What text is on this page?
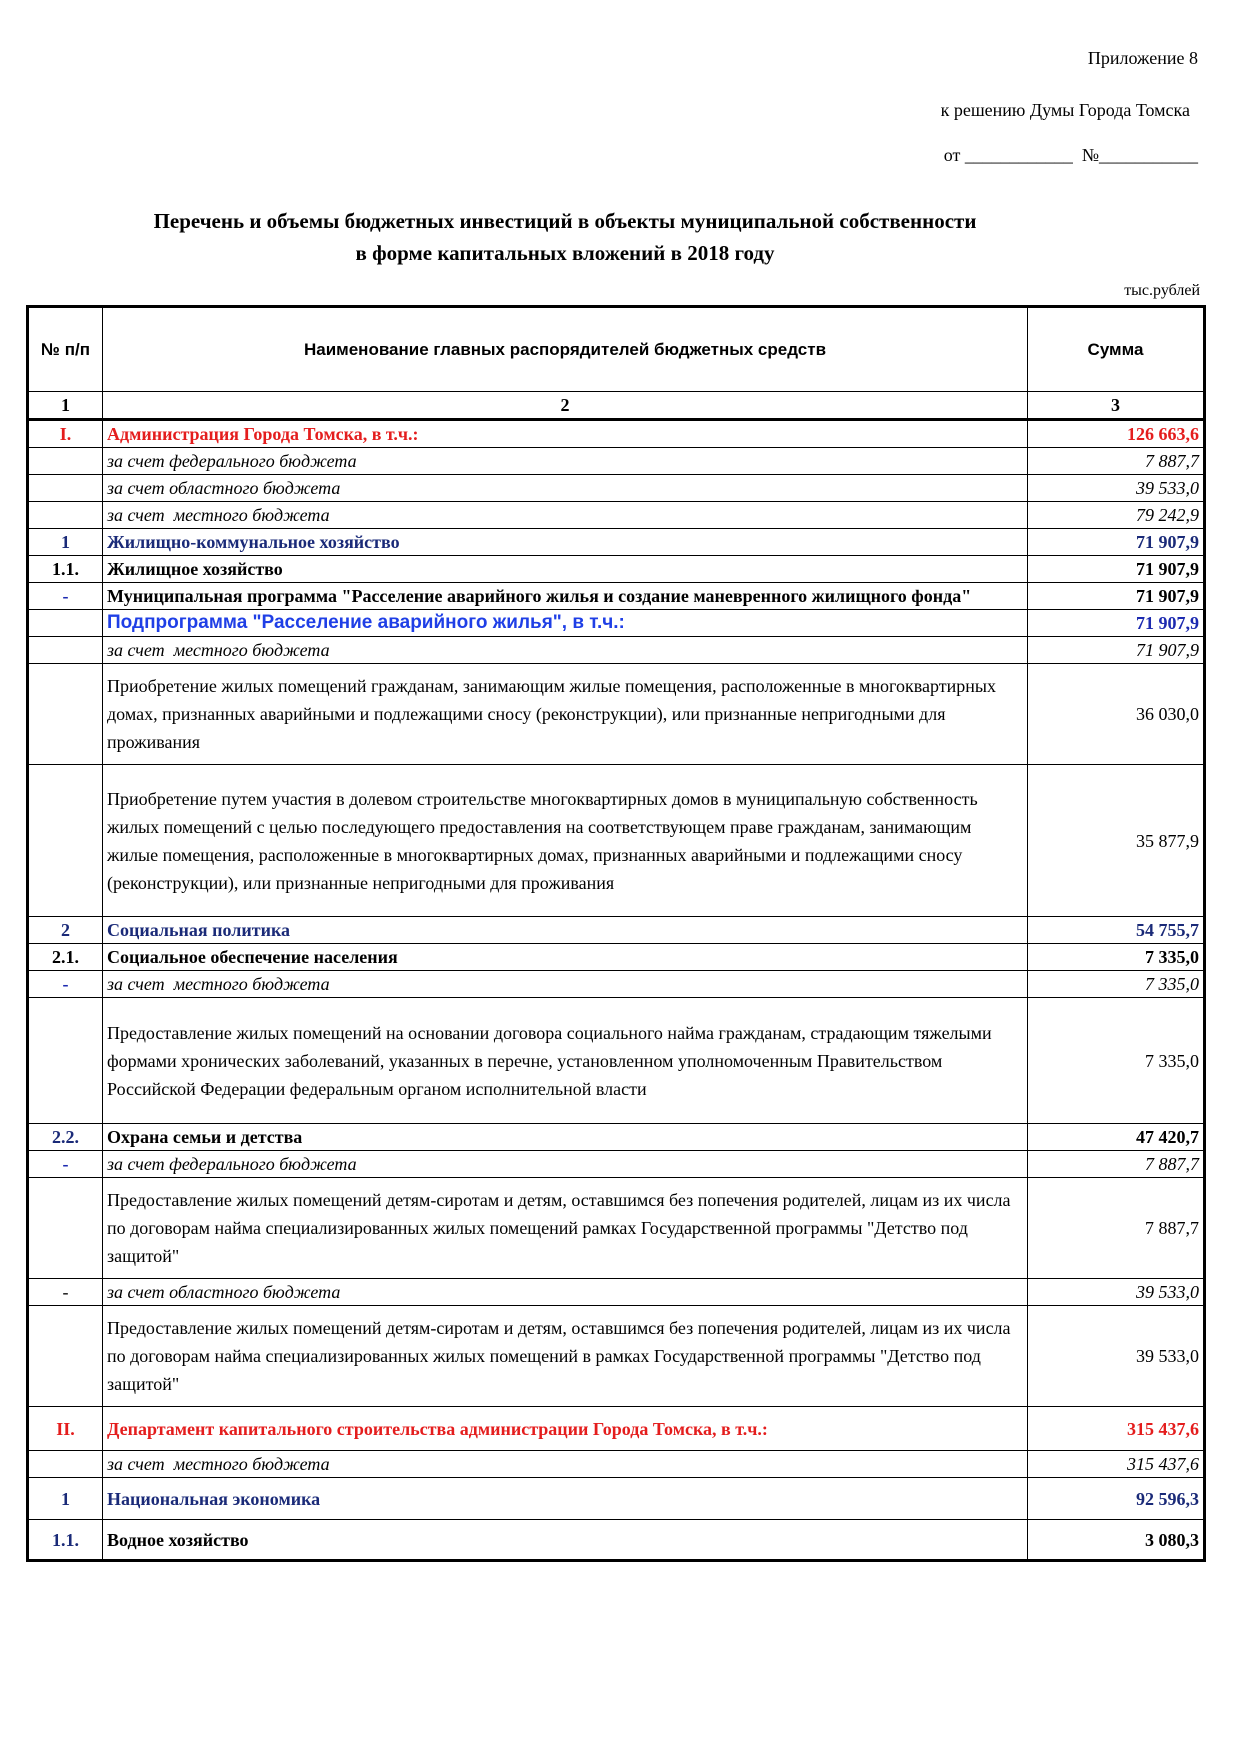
Приложение 8
к решению Думы Города Томска
от ____________  №___________
Перечень и объемы бюджетных инвестиций в объекты муниципальной собственности
в форме капитальных вложений в 2018 году
тыс.рублей
№ п/п	Наименование главных распорядителей бюджетных средств	Сумма
1	2	3
I.	Администрация Города Томска, в т.ч.:	126 663,6
	за счет федерального бюджета	7 887,7
	за счет областного бюджета	39 533,0
	за счет  местного бюджета	79 242,9
1	Жилищно-коммунальное хозяйство	71 907,9
1.1.	Жилищное хозяйство	71 907,9
-	Муниципальная программа "Расселение аварийного жилья и создание маневренного жилищного фонда"	71 907,9
	Подпрограмма "Расселение аварийного жилья", в т.ч.:	71 907,9
	за счет  местного бюджета	71 907,9
	Приобретение жилых помещений гражданам, занимающим жилые помещения, расположенные в многоквартирных домах, признанных аварийными и подлежащими сносу (реконструкции), или признанные непригодными для проживания	36 030,0
	Приобретение путем участия в долевом строительстве многоквартирных домов в муниципальную собственность жилых помещений с целью последующего предоставления на соответствующем праве гражданам, занимающим жилые помещения, расположенные в многоквартирных домах, признанных аварийными и подлежащими сносу (реконструкции), или признанные непригодными для проживания	35 877,9
2	Социальная политика	54 755,7
2.1.	Социальное обеспечение населения	7 335,0
-	за счет  местного бюджета	7 335,0
	Предоставление жилых помещений на основании договора социального найма гражданам, страдающим тяжелыми формами хронических заболеваний, указанных в перечне, установленном уполномоченным Правительством Российской Федерации федеральным органом исполнительной власти	7 335,0
2.2.	Охрана семьи и детства	47 420,7
-	за счет федерального бюджета	7 887,7
	Предоставление жилых помещений детям-сиротам и детям, оставшимся без попечения родителей, лицам из их числа по договорам найма специализированных жилых помещений рамках Государственной программы "Детство под защитой"	7 887,7
-	за счет областного бюджета	39 533,0
	Предоставление жилых помещений детям-сиротам и детям, оставшимся без попечения родителей, лицам из их числа по договорам найма специализированных жилых помещений в рамках Государственной программы "Детство под защитой"	39 533,0
II.	Департамент капитального строительства администрации Города Томска, в т.ч.:	315 437,6
	за счет  местного бюджета	315 437,6
1	Национальная экономика	92 596,3
1.1.	Водное хозяйство	3 080,3
